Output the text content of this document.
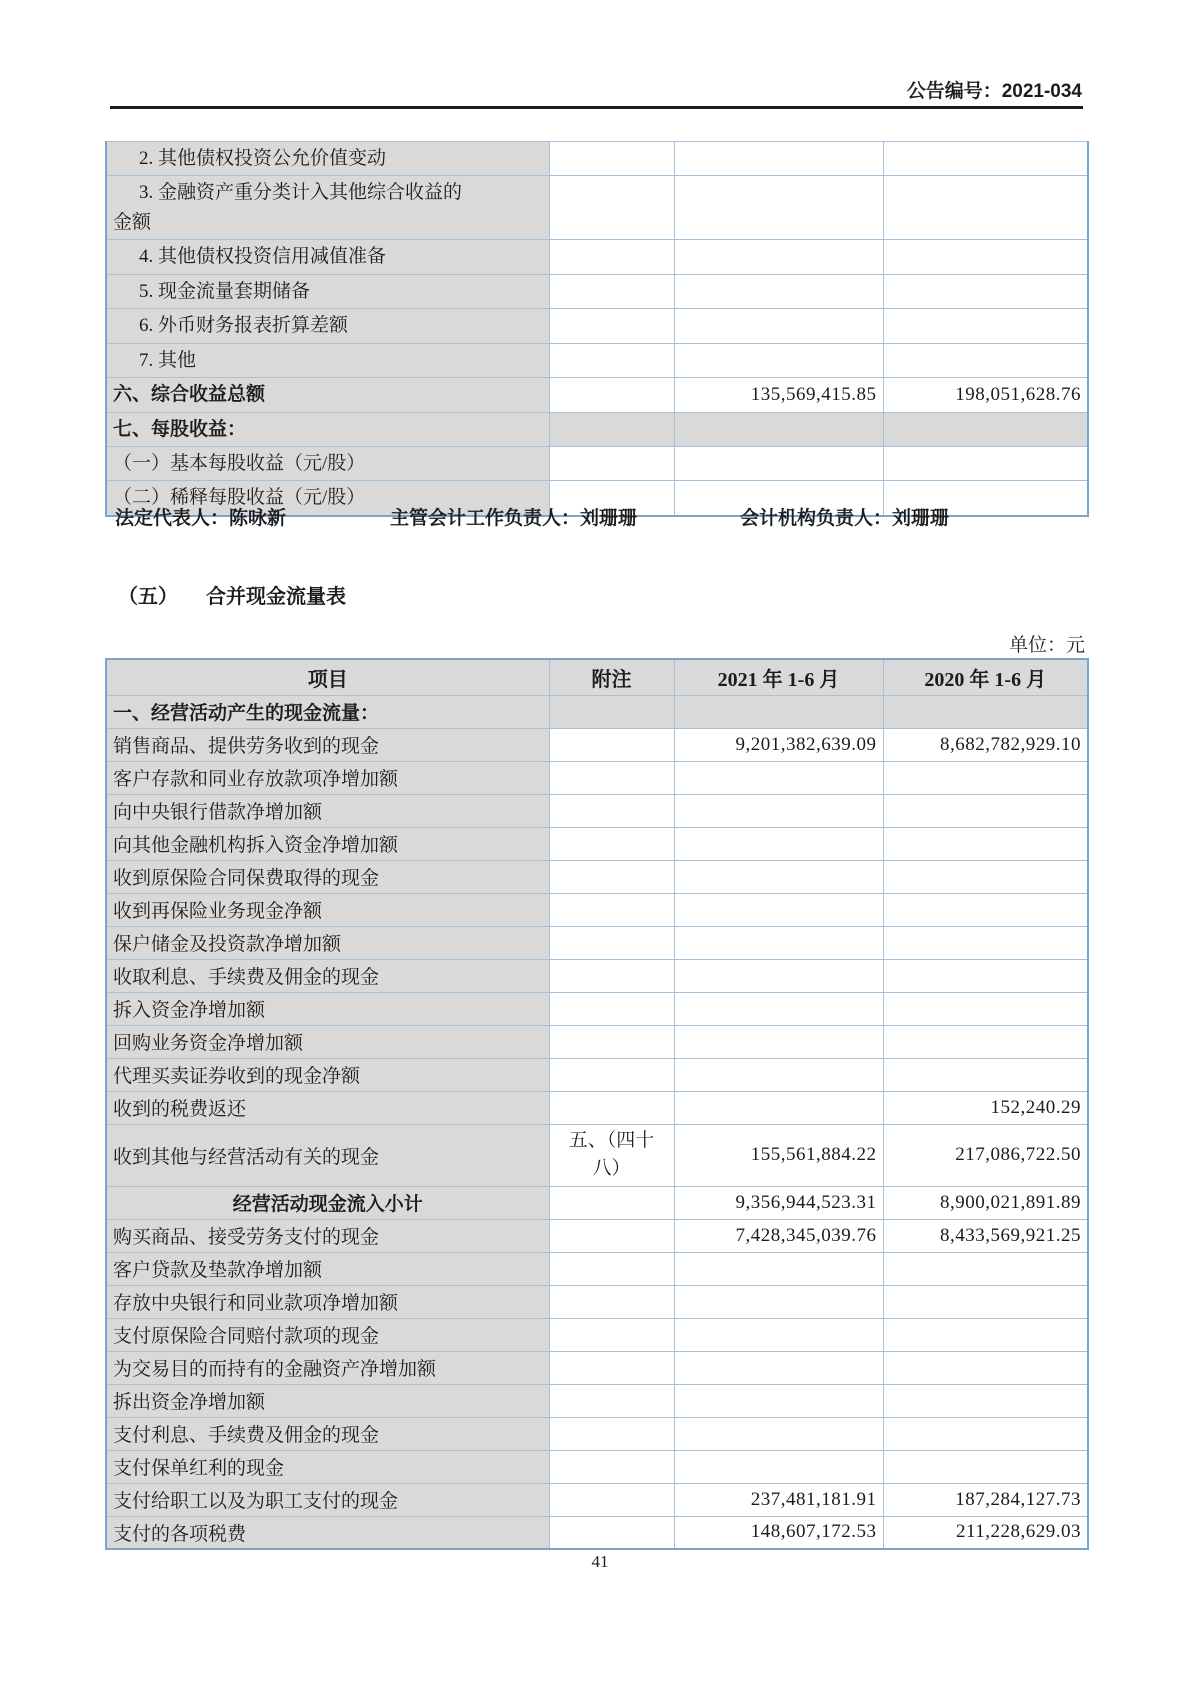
公告编号：2021-034
2. 其他债权投资公允价值变动			
3. 金融资产重分类计入其他综合收益的金额			
4. 其他债权投资信用减值准备			
5. 现金流量套期储备			
6. 外币财务报表折算差额			
7. 其他			
六、综合收益总额		135,569,415.85	198,051,628.76
七、每股收益：			
（一）基本每股收益（元/股）			
（二）稀释每股收益（元/股）			
法定代表人：陈咏新	主管会计工作负责人：刘珊珊	会计机构负责人：刘珊珊
（五） 合并现金流量表
单位：元
项目	附注	2021 年 1-6 月	2020 年 1-6 月
一、经营活动产生的现金流量：			
销售商品、提供劳务收到的现金		9,201,382,639.09	8,682,782,929.10
客户存款和同业存放款项净增加额			
向中央银行借款净增加额			
向其他金融机构拆入资金净增加额			
收到原保险合同保费取得的现金			
收到再保险业务现金净额			
保户储金及投资款净增加额			
收取利息、手续费及佣金的现金			
拆入资金净增加额			
回购业务资金净增加额			
代理买卖证券收到的现金净额			
收到的税费返还			152,240.29
收到其他与经营活动有关的现金	五、（四十八）	155,561,884.22	217,086,722.50
经营活动现金流入小计		9,356,944,523.31	8,900,021,891.89
购买商品、接受劳务支付的现金		7,428,345,039.76	8,433,569,921.25
客户贷款及垫款净增加额			
存放中央银行和同业款项净增加额			
支付原保险合同赔付款项的现金			
为交易目的而持有的金融资产净增加额			
拆出资金净增加额			
支付利息、手续费及佣金的现金			
支付保单红利的现金			
支付给职工以及为职工支付的现金		237,481,181.91	187,284,127.73
支付的各项税费		148,607,172.53	211,228,629.03
41
